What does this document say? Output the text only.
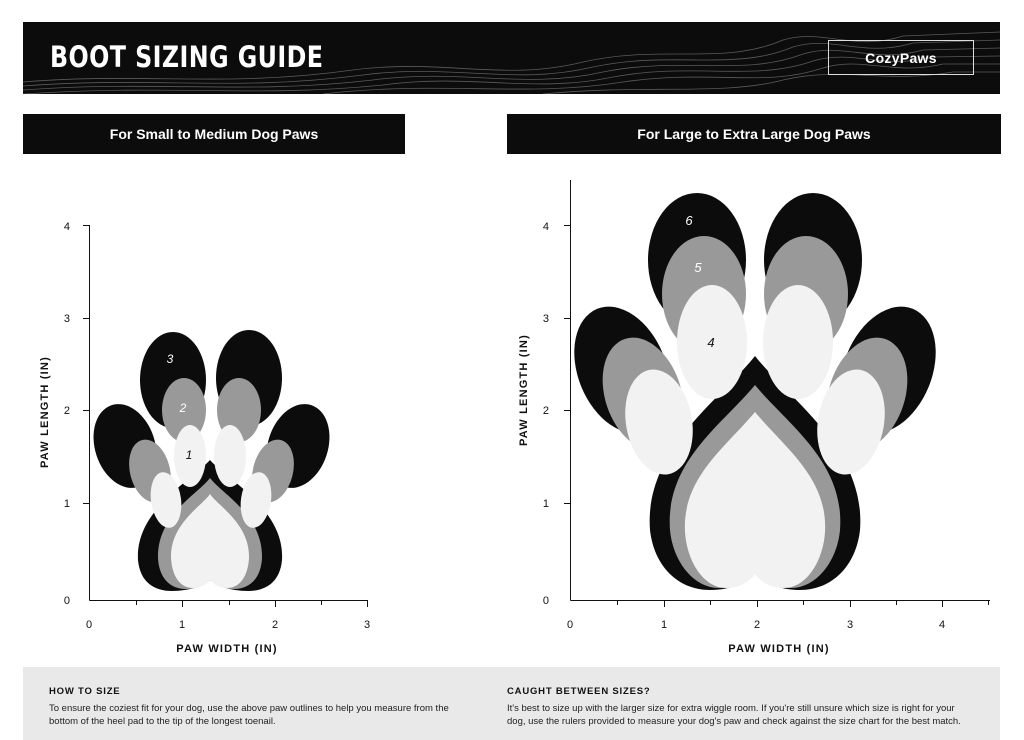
BOOT SIZING GUIDE	CozyPaws
For Small to Medium Dog Paws	For Large to Extra Large Dog Paws
3
2
1
4
3
2
1
0
0	1	2	3
PAW WIDTH (IN)
PAW LENGTH (IN)
6
5
4
4
3
2
1
0
0	1	2	3	4
PAW WIDTH (IN)
PAW LENGTH (IN)
HOW TO SIZE

To ensure the coziest fit for your dog, use the above paw outlines to help you measure from the bottom of the heel pad to the tip of the longest toenail.

CAUGHT BETWEEN SIZES?

It's best to size up with the larger size for extra wiggle room. If you're still unsure which size is right for your dog, use the rulers provided to measure your dog's paw and check against the size chart for the best match.
